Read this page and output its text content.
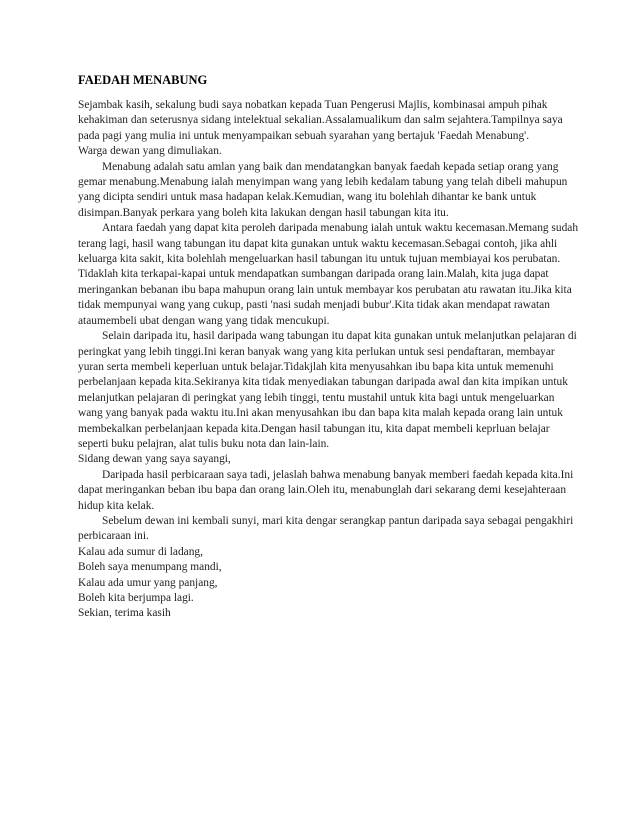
FAEDAH MENABUNG

Sejambak kasih, sekalung budi saya nobatkan kepada Tuan Pengerusi Majlis, kombinasai ampuh pihak kehakiman dan seterusnya sidang intelektual sekalian.Assalamualikum dan salm sejahtera.Tampilnya saya pada pagi yang mulia ini untuk menyampaikan sebuah syarahan yang bertajuk 'Faedah Menabung'.

Warga dewan yang dimuliakan.

Menabung adalah satu amlan yang baik dan mendatangkan banyak faedah kepada setiap orang yang gemar menabung.Menabung ialah menyimpan wang yang lebih kedalam tabung yang telah dibeli mahupun yang dicipta sendiri untuk masa hadapan kelak.Kemudian, wang itu bolehlah dihantar ke bank untuk disimpan.Banyak perkara yang boleh kita lakukan dengan hasil tabungan kita itu.

Antara faedah yang dapat kita peroleh daripada menabung ialah untuk waktu kecemasan.Memang sudah terang lagi, hasil wang tabungan itu dapat kita gunakan untuk waktu kecemasan.Sebagai contoh, jika ahli keluarga kita sakit, kita bolehlah mengeluarkan hasil tabungan itu untuk tujuan membiayai kos perubatan. Tidaklah kita terkapai-kapai untuk mendapatkan sumbangan daripada orang lain.Malah, kita juga dapat meringankan bebanan ibu bapa mahupun orang lain untuk membayar kos perubatan atu rawatan itu.Jika kita tidak mempunyai wang yang cukup, pasti 'nasi sudah menjadi bubur'.Kita tidak akan mendapat rawatan ataumembeli ubat dengan wang yang tidak mencukupi.

Selain daripada itu, hasil daripada wang tabungan itu dapat kita gunakan untuk melanjutkan pelajaran di peringkat yang lebih tinggi.Ini keran banyak wang yang kita perlukan untuk sesi pendaftaran, membayar yuran serta membeli keperluan untuk belajar.Tidakjlah kita menyusahkan ibu bapa kita untuk memenuhi perbelanjaan kepada kita.Sekiranya kita tidak menyediakan tabungan daripada awal dan kita impikan untuk melanjutkan pelajaran di peringkat yang lebih tinggi, tentu mustahil untuk kita bagi untuk mengeluarkan wang yang banyak pada waktu itu.Ini akan menyusahkan ibu dan bapa kita malah kepada orang lain untuk membekalkan perbelanjaan kepada kita.Dengan hasil tabungan itu, kita dapat membeli keprluan belajar seperti buku pelajran, alat tulis buku nota dan lain-lain.

Sidang dewan yang saya sayangi,

Daripada hasil perbicaraan saya tadi, jelaslah bahwa menabung banyak memberi faedah kepada kita.Ini dapat meringankan beban ibu bapa dan orang lain.Oleh itu, menabunglah dari sekarang demi kesejahteraan hidup kita kelak.

Sebelum dewan ini kembali sunyi, mari kita dengar serangkap pantun daripada saya sebagai pengakhiri perbicaraan ini.

Kalau ada sumur di ladang,
Boleh saya menumpang mandi,
Kalau ada umur yang panjang,
Boleh kita berjumpa lagi.

Sekian, terima kasih
